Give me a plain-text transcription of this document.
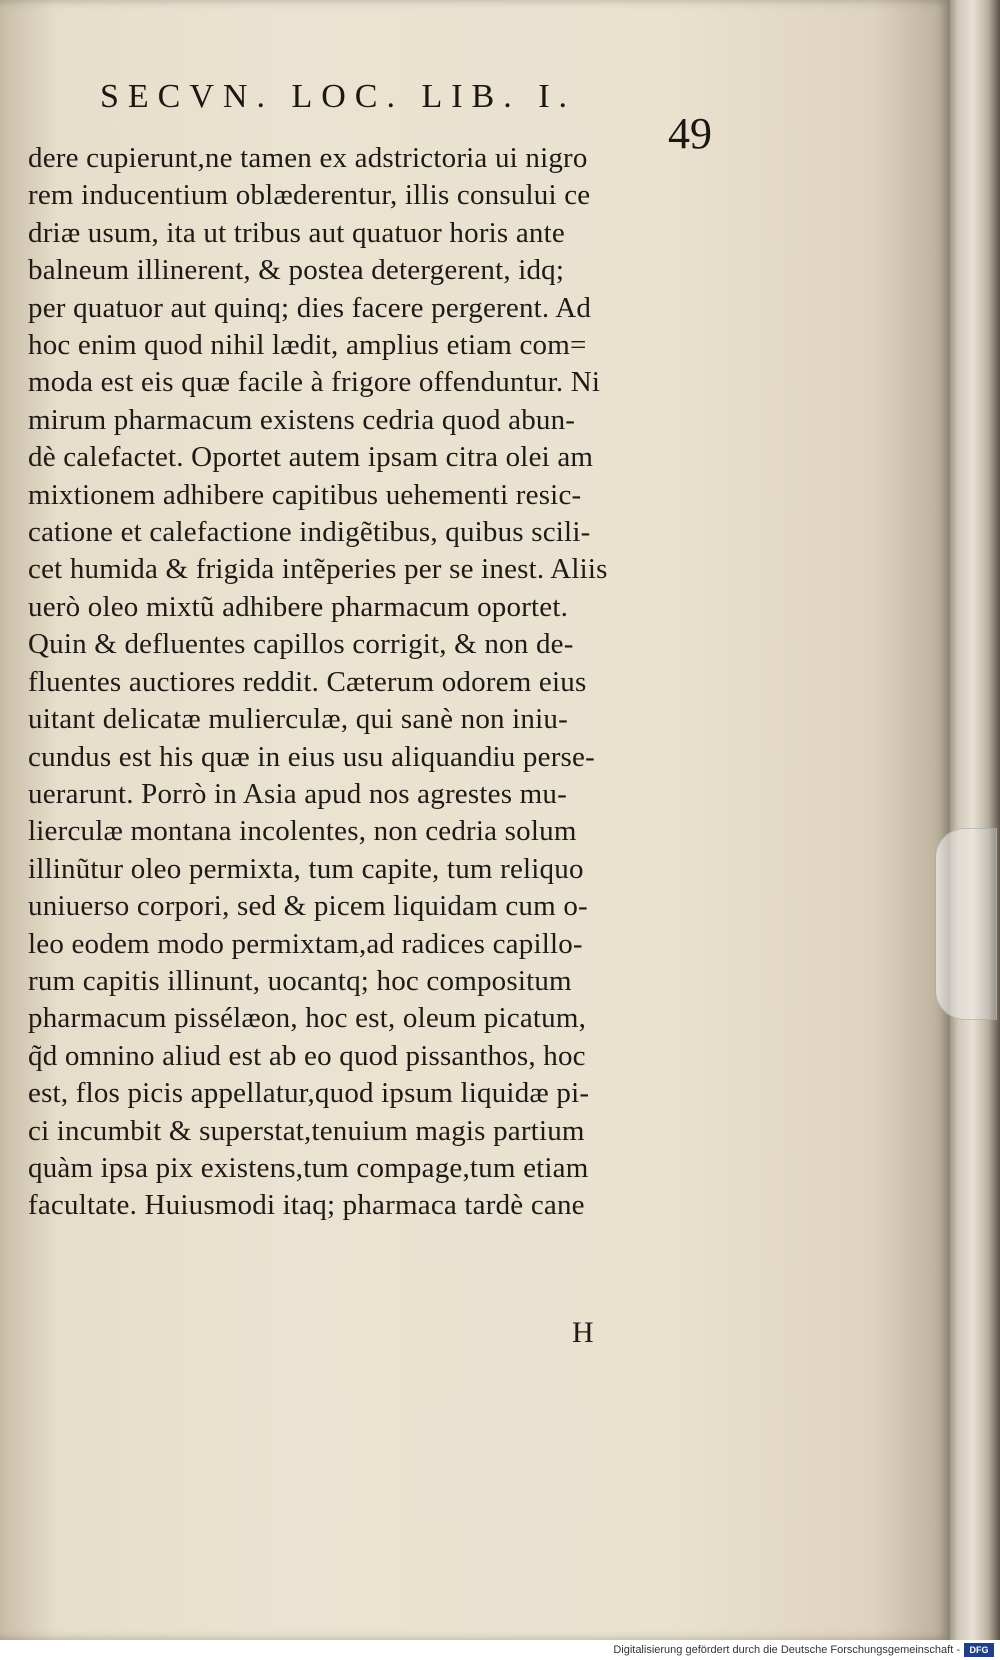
SECVN. LOC. LIB. I.
49
dere cupierunt,ne tamen ex adstrictoria ui nigro
rem inducentium oblæderentur, illis consului ce
driæ usum, ita ut tribus aut quatuor horis ante
balneum illinerent, & postea detergerent, idq;
per quatuor aut quinq; dies facere pergerent. Ad
hoc enim quod nihil lædit, amplius etiam com=
moda est eis quæ facile à frigore offenduntur. Ni
mirum pharmacum existens cedria quod abun-
dè calefactet. Oportet autem ipsam citra olei am
mixtionem adhibere capitibus uehementi resic-
catione et calefactione indigẽtibus, quibus scili-
cet humida & frigida intẽperies per se inest. Aliis
uerò oleo mixtũ adhibere pharmacum oportet.
Quin & defluentes capillos corrigit, & non de-
fluentes auctiores reddit. Cæterum odorem eius
uitant delicatæ mulierculæ, qui sanè non iniu-
cundus est his quæ in eius usu aliquandiu perse-
uerarunt. Porrò in Asia apud nos agrestes mu-
lierculæ montana incolentes, non cedria solum
illinũtur oleo permixta, tum capite, tum reliquo
uniuerso corpori, sed & picem liquidam cum o-
leo eodem modo permixtam,ad radices capillo-
rum capitis illinunt, uocantq; hoc compositum
pharmacum pissélæon, hoc est, oleum picatum,
q̃d omnino aliud est ab eo quod pissanthos, hoc
est, flos picis appellatur,quod ipsum liquidæ pi-
ci incumbit & superstat,tenuium magis partium
quàm ipsa pix existens,tum compage,tum etiam
facultate. Huiusmodi itaq; pharmaca tardè cane
H
Digitalisierung gefördert durch die Deutsche Forschungsgemeinschaft -	DFG
